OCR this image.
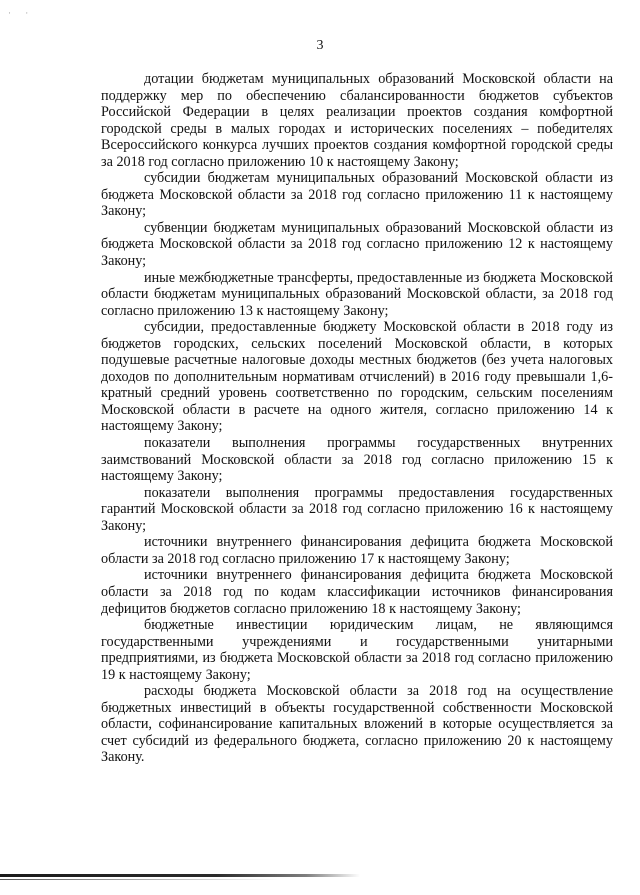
· ·
3

дотации бюджетам муниципальных образований Московской области на поддержку мер по обеспечению сбалансированности бюджетов субъектов Российской Федерации в целях реализации проектов создания комфортной городской среды в малых городах и исторических поселениях – победителях Всероссийского конкурса лучших проектов создания комфортной городской среды за 2018 год согласно приложению 10 к настоящему Закону;

субсидии бюджетам муниципальных образований Московской области из бюджета Московской области за 2018 год согласно приложению 11 к настоящему Закону;

субвенции бюджетам муниципальных образований Московской области из бюджета Московской области за 2018 год согласно приложению 12 к настоящему Закону;

иные межбюджетные трансферты, предоставленные из бюджета Московской области бюджетам муниципальных образований Московской области, за 2018 год согласно приложению 13 к настоящему Закону;

субсидии, предоставленные бюджету Московской области в 2018 году из бюджетов городских, сельских поселений Московской области, в которых подушевые расчетные налоговые доходы местных бюджетов (без учета налоговых доходов по дополнительным нормативам отчислений) в 2016 году превышали 1,6-кратный средний уровень соответственно по городским, сельским поселениям Московской области в расчете на одного жителя, согласно приложению 14 к настоящему Закону;

показатели выполнения программы государственных внутренних заимствований Московской области за 2018 год согласно приложению 15 к настоящему Закону;

показатели выполнения программы предоставления государственных гарантий Московской области за 2018 год согласно приложению 16 к настоящему Закону;

источники внутреннего финансирования дефицита бюджета Московской области за 2018 год согласно приложению 17 к настоящему Закону;

источники внутреннего финансирования дефицита бюджета Московской области за 2018 год по кодам классификации источников финансирования дефицитов бюджетов согласно приложению 18 к настоящему Закону;

бюджетные инвестиции юридическим лицам, не являющимся государственными учреждениями и государственными унитарными предприятиями, из бюджета Московской области за 2018 год согласно приложению 19 к настоящему Закону;

расходы бюджета Московской области за 2018 год на осуществление бюджетных инвестиций в объекты государственной собственности Московской области, софинансирование капитальных вложений в которые осуществляется за счет субсидий из федерального бюджета, согласно приложению 20 к настоящему Закону.
